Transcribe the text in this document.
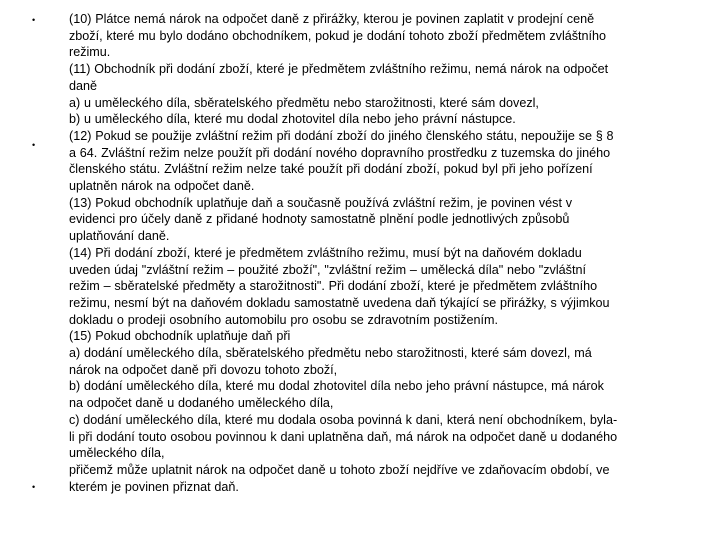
•
•
•
(10) Plátce nemá nárok na odpočet daně z přirážky, kterou je povinen zaplatit v prodejní ceně
zboží, které mu bylo dodáno obchodníkem, pokud je dodání tohoto zboží předmětem zvláštního
režimu.
(11) Obchodník při dodání zboží, které je předmětem zvláštního režimu, nemá nárok na odpočet
daně
a) u uměleckého díla, sběratelského předmětu nebo starožitnosti, které sám dovezl,
b) u uměleckého díla, které mu dodal zhotovitel díla nebo jeho právní nástupce.
(12) Pokud se použije zvláštní režim při dodání zboží do jiného členského státu, nepoužije se § 8
a 64. Zvláštní režim nelze použít při dodání nového dopravního prostředku z tuzemska do jiného
členského státu. Zvláštní režim nelze také použít při dodání zboží, pokud byl při jeho pořízení
uplatněn nárok na odpočet daně.
(13) Pokud obchodník uplatňuje daň a současně používá zvláštní režim, je povinen vést v
evidenci pro účely daně z přidané hodnoty samostatně plnění podle jednotlivých způsobů
uplatňování daně.
(14) Při dodání zboží, které je předmětem zvláštního režimu, musí být na daňovém dokladu
uveden údaj "zvláštní režim – použité zboží", "zvláštní režim – umělecká díla" nebo "zvláštní
režim – sběratelské předměty a starožitnosti". Při dodání zboží, které je předmětem zvláštního
režimu, nesmí být na daňovém dokladu samostatně uvedena daň týkající se přirážky, s výjimkou
dokladu o prodeji osobního automobilu pro osobu se zdravotním postižením.
(15) Pokud obchodník uplatňuje daň při
a) dodání uměleckého díla, sběratelského předmětu nebo starožitnosti, které sám dovezl, má
nárok na odpočet daně při dovozu tohoto zboží,
b) dodání uměleckého díla, které mu dodal zhotovitel díla nebo jeho právní nástupce, má nárok
na odpočet daně u dodaného uměleckého díla,
c) dodání uměleckého díla, které mu dodala osoba povinná k dani, která není obchodníkem, byla-
li při dodání touto osobou povinnou k dani uplatněna daň, má nárok na odpočet daně u dodaného
uměleckého díla,
přičemž může uplatnit nárok na odpočet daně u tohoto zboží nejdříve ve zdaňovacím období, ve
kterém je povinen přiznat daň.
